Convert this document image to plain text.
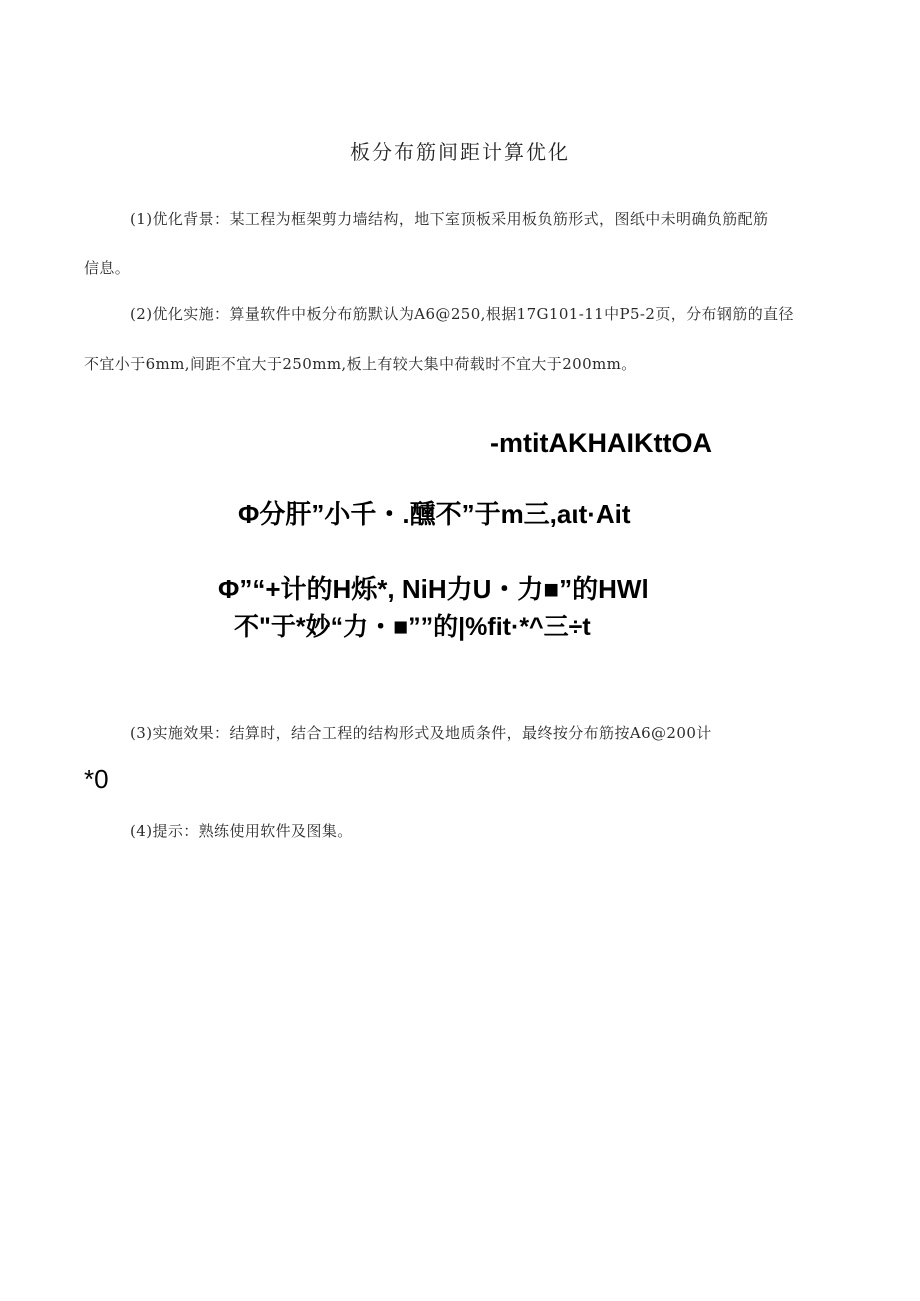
板分布筋间距计算优化
(1)优化背景：某工程为框架剪力墙结构，地下室顶板采用板负筋形式，图纸中未明确负筋配筋
信息。
(2)优化实施：算量软件中板分布筋默认为A6@250,根据17G101-11中P5-2页，分布钢筋的直径
不宜小于6mm,间距不宜大于250mm,板上有较大集中荷载时不宜大于200mm。
-mtitAKHAIKttOA
Φ分肝”小千・.醺不”于m三,aιt·Ait
Φ”“+计的H烁*, NiH力U・力■”的HWl
不"于*妙“力・■””的|%fit·*^三÷t
(3)实施效果：结算时，结合工程的结构形式及地质条件，最终按分布筋按A6@200计
*0
(4)提示：熟练使用软件及图集。
